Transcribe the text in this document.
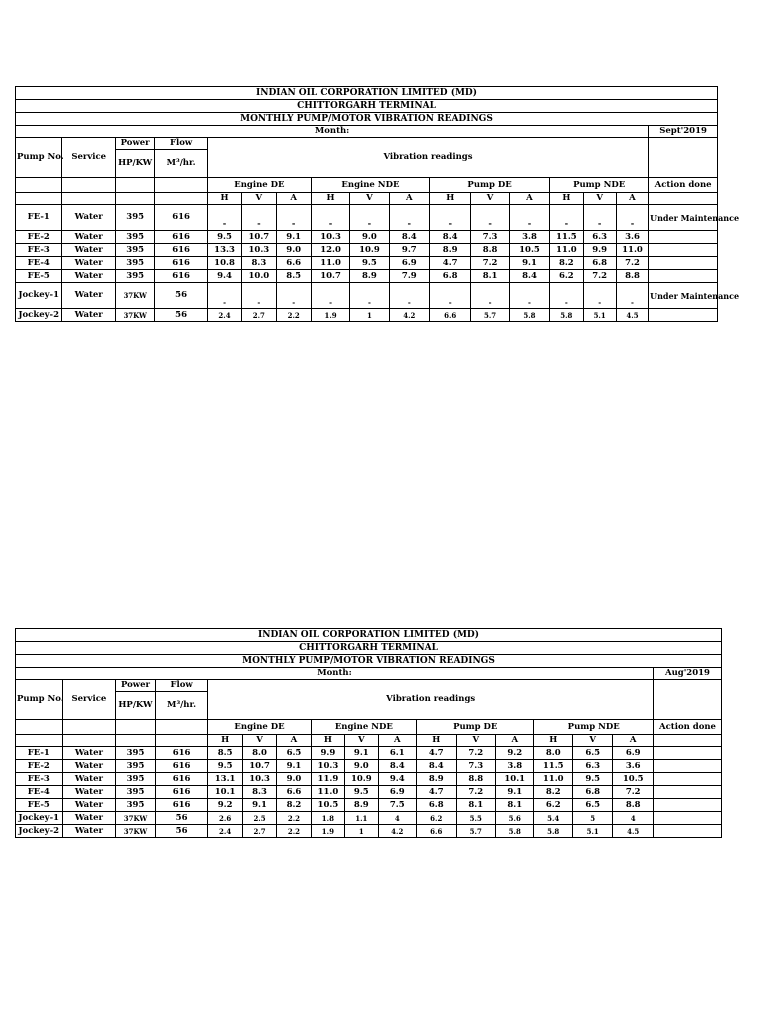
INDIAN OIL CORPORATION LIMITED (MD)																
CHITTORGARH TERMINAL																
MONTHLY PUMP/MOTOR VIBRATION READINGS																
Month:																Sept'2019
Pump No.	Service	Power	Flow	Vibration readings												
		HP/KW	M³/hr.													
				Engine DE			Engine NDE			Pump DE			Pump NDE			Action done
				H	V	A	H	V	A	H	V	A	H	V	A	
FE-1	Water	395	616	-	-	-	-	-	-	-	-	-	-	-	-	Under Maintenance
FE-2	Water	395	616	9.5	10.7	9.1	10.3	9.0	8.4	8.4	7.3	3.8	11.5	6.3	3.6	
FE-3	Water	395	616	13.3	10.3	9.0	12.0	10.9	9.7	8.9	8.8	10.5	11.0	9.9	11.0	
FE-4	Water	395	616	10.8	8.3	6.6	11.0	9.5	6.9	4.7	7.2	9.1	8.2	6.8	7.2	
FE-5	Water	395	616	9.4	10.0	8.5	10.7	8.9	7.9	6.8	8.1	8.4	6.2	7.2	8.8	
Jockey-1	Water	37KW	56	-	-	-	-	-	-	-	-	-	-	-	-	Under Maintenance
Jockey-2	Water	37KW	56	2.4	2.7	2.2	1.9	1	4.2	6.6	5.7	5.8	5.8	5.1	4.5	
INDIAN OIL CORPORATION LIMITED (MD)																
CHITTORGARH TERMINAL																
MONTHLY PUMP/MOTOR VIBRATION READINGS																
Month:																Aug'2019
Pump No.	Service	Power	Flow	Vibration readings												
		HP/KW	M³/hr.													
				Engine DE			Engine NDE			Pump DE			Pump NDE			Action done
				H	V	A	H	V	A	H	V	A	H	V	A	
FE-1	Water	395	616	8.5	8.0	6.5	9.9	9.1	6.1	4.7	7.2	9.2	8.0	6.5	6.9	
FE-2	Water	395	616	9.5	10.7	9.1	10.3	9.0	8.4	8.4	7.3	3.8	11.5	6.3	3.6	
FE-3	Water	395	616	13.1	10.3	9.0	11.9	10.9	9.4	8.9	8.8	10.1	11.0	9.5	10.5	
FE-4	Water	395	616	10.1	8.3	6.6	11.0	9.5	6.9	4.7	7.2	9.1	8.2	6.8	7.2	
FE-5	Water	395	616	9.2	9.1	8.2	10.5	8.9	7.5	6.8	8.1	8.1	6.2	6.5	8.8	
Jockey-1	Water	37KW	56	2.6	2.5	2.2	1.8	1.1	4	6.2	5.5	5.6	5.4	5	4	
Jockey-2	Water	37KW	56	2.4	2.7	2.2	1.9	1	4.2	6.6	5.7	5.8	5.8	5.1	4.5	
